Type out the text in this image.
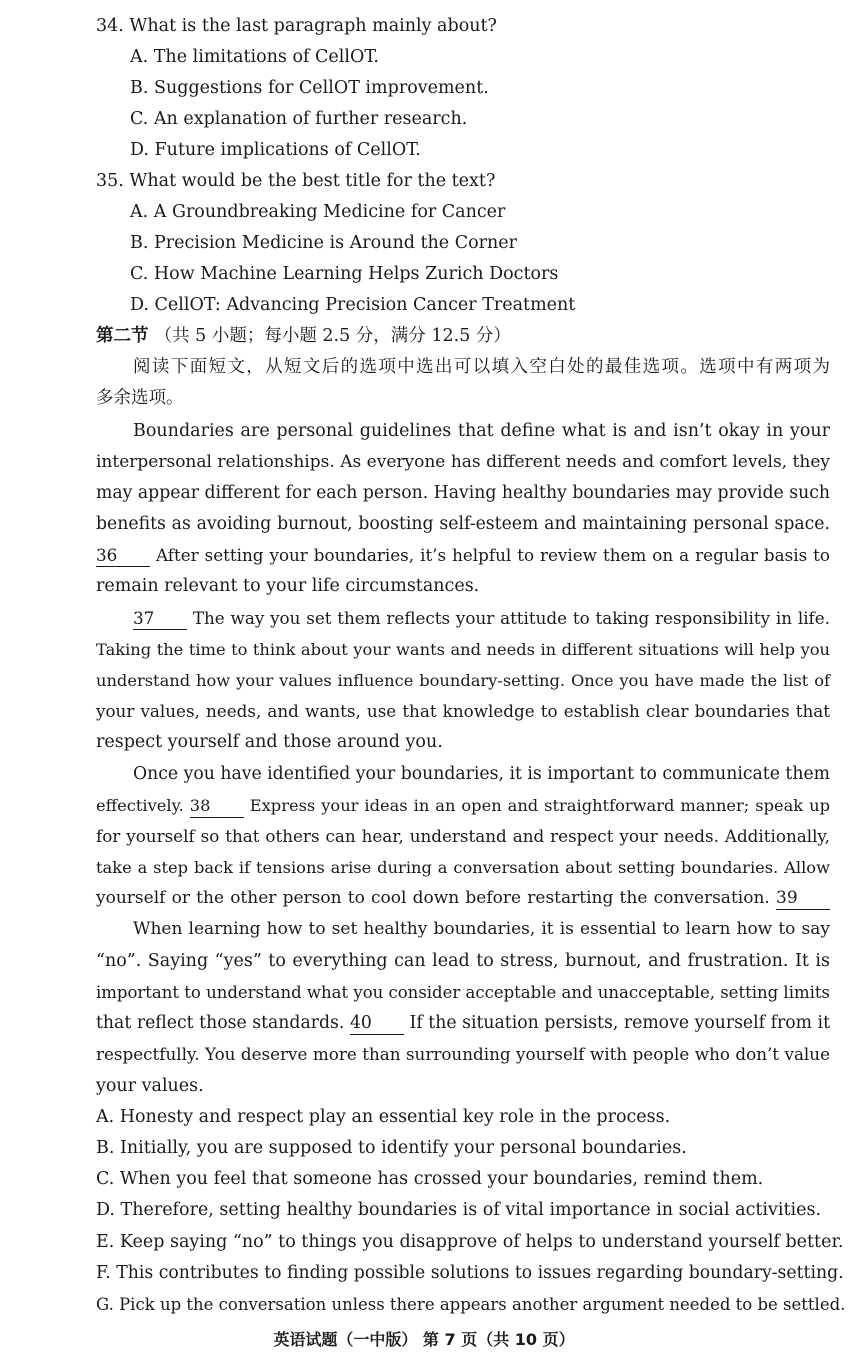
34. What is the last paragraph mainly about?
A. The limitations of CellOT.
B. Suggestions for CellOT improvement.
C. An explanation of further research.
D. Future implications of CellOT.
35. What would be the best title for the text?
A. A Groundbreaking Medicine for Cancer
B. Precision Medicine is Around the Corner
C. How Machine Learning Helps Zurich Doctors
D. CellOT: Advancing Precision Cancer Treatment
第二节 （共 5 小题；每小题 2.5 分，满分 12.5 分）
阅读下面短文，从短文后的选项中选出可以填入空白处的最佳选项。选项中有两项为
多余选项。
Boundaries are personal guidelines that define what is and isn’t okay in your
interpersonal relationships. As everyone has different needs and comfort levels, they
may appear different for each person. Having healthy boundaries may provide such
benefits as avoiding burnout, boosting self-esteem and maintaining personal space.
36 After setting your boundaries, it’s helpful to review them on a regular basis to
remain relevant to your life circumstances.
37 The way you set them reflects your attitude to taking responsibility in life.
Taking the time to think about your wants and needs in different situations will help you
understand how your values influence boundary-setting. Once you have made the list of
your values, needs, and wants, use that knowledge to establish clear boundaries that
respect yourself and those around you.
Once you have identified your boundaries, it is important to communicate them
effectively. 38 Express your ideas in an open and straightforward manner; speak up
for yourself so that others can hear, understand and respect your needs. Additionally,
take a step back if tensions arise during a conversation about setting boundaries. Allow
yourself or the other person to cool down before restarting the conversation. 39
When learning how to set healthy boundaries, it is essential to learn how to say
“no”. Saying “yes” to everything can lead to stress, burnout, and frustration. It is
important to understand what you consider acceptable and unacceptable, setting limits
that reflect those standards. 40 If the situation persists, remove yourself from it
respectfully. You deserve more than surrounding yourself with people who don’t value
your values.
A. Honesty and respect play an essential key role in the process.
B. Initially, you are supposed to identify your personal boundaries.
C. When you feel that someone has crossed your boundaries, remind them.
D. Therefore, setting healthy boundaries is of vital importance in social activities.
E. Keep saying “no” to things you disapprove of helps to understand yourself better.
F. This contributes to finding possible solutions to issues regarding boundary-setting.
G. Pick up the conversation unless there appears another argument needed to be settled.
英语试题（一中版） 第 7 页（共 10 页）
